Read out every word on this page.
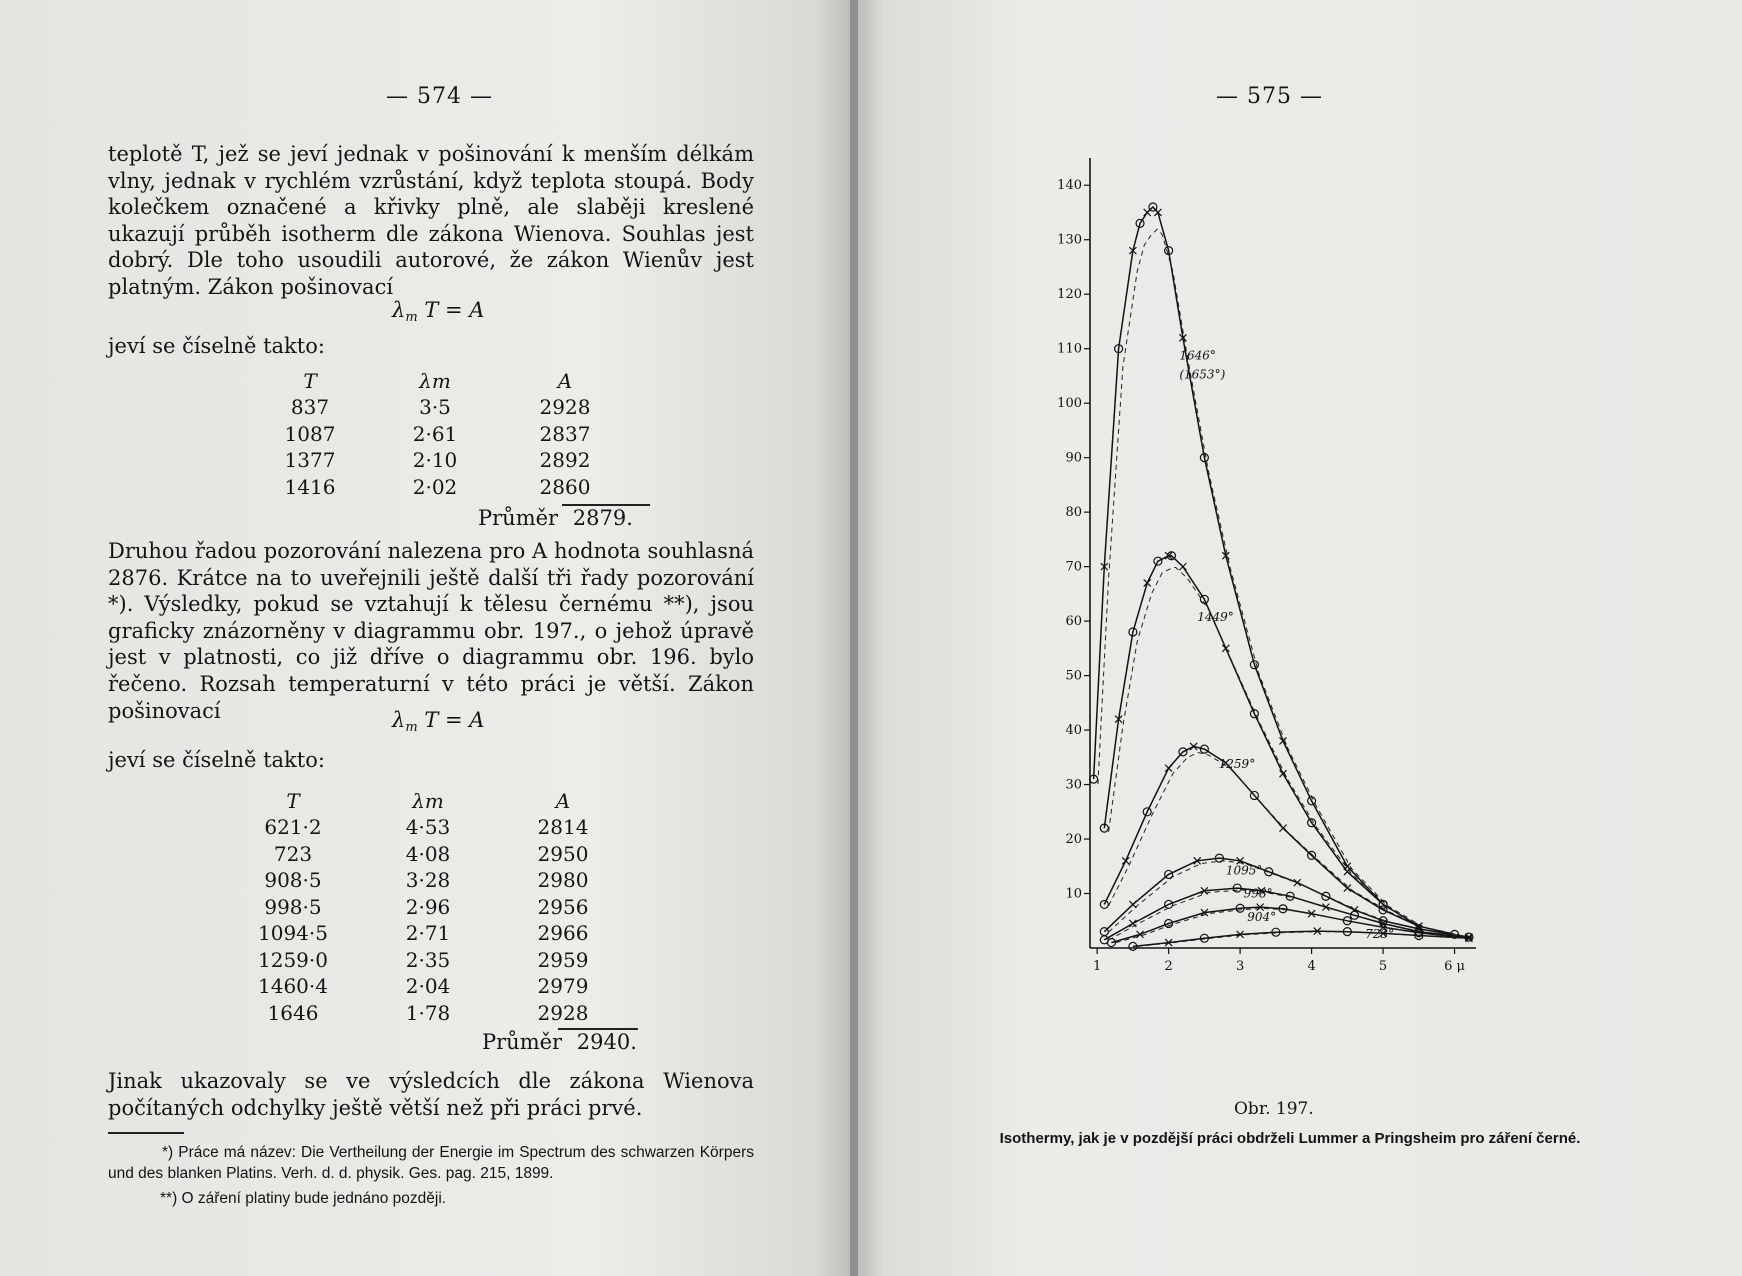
— 574 —

teplotě T, jež se jeví jednak v pošinování k menším délkám vlny, jednak v rychlém vzrůstání, když teplota stoupá. Body kolečkem označené a křivky plně, ale slaběji kreslené ukazují průběh isotherm dle zákona Wienova. Souhlas jest dobrý. Dle toho usoudili autorové, že zákon Wienův jest platným. Zákon pošinovací

$\lambda_m$ T = A
jeví se číselně takto:
T	λm	A
837	3·5	2928
1087	2·61	2837
1377	2·10	2892
1416	2·02	2860
Průměr 2879.

Druhou řadou pozorování nalezena pro A hodnota souhlasná 2876. Krátce na to uveřejnili ještě další tři řady pozorování *). Výsledky, pokud se vztahují k tělesu černému **), jsou graficky znázorněny v diagrammu obr. 197., o jehož úpravě jest v platnosti, co již dříve o diagrammu obr. 196. bylo řečeno. Rozsah temperaturní v této práci je větší. Zákon pošinovací	$\lambda_m$ T = A
jeví se číselně takto:
T	λm	A
621·2	4·53	2814
723	4·08	2950
908·5	3·28	2980
998·5	2·96	2956
1094·5	2·71	2966
1259·0	2·35	2959
1460·4	2·04	2979
1646	1·78	2928
Průměr 2940.

Jinak ukazovaly se ve výsledcích dle zákona Wienova počítaných odchylky ještě větší než při práci prvé.

*) Práce má název: Die Vertheilung der Energie im Spectrum des schwarzen Körpers und des blanken Platins. Verh. d. d. physik. Ges. pag. 215, 1899.

**) O záření platiny bude jednáno později.

— 575 —
10
20
30
40
50
60
70
80
90
100
110
120
130
140
1	2	3	4	5	6 μ
1646°
(1653°)
1449°
1259°
1095°
998°
904°
723°
Obr. 197.

Isothermy, jak je v pozdější práci obdrželi Lummer a Pringsheim pro záření černé.
